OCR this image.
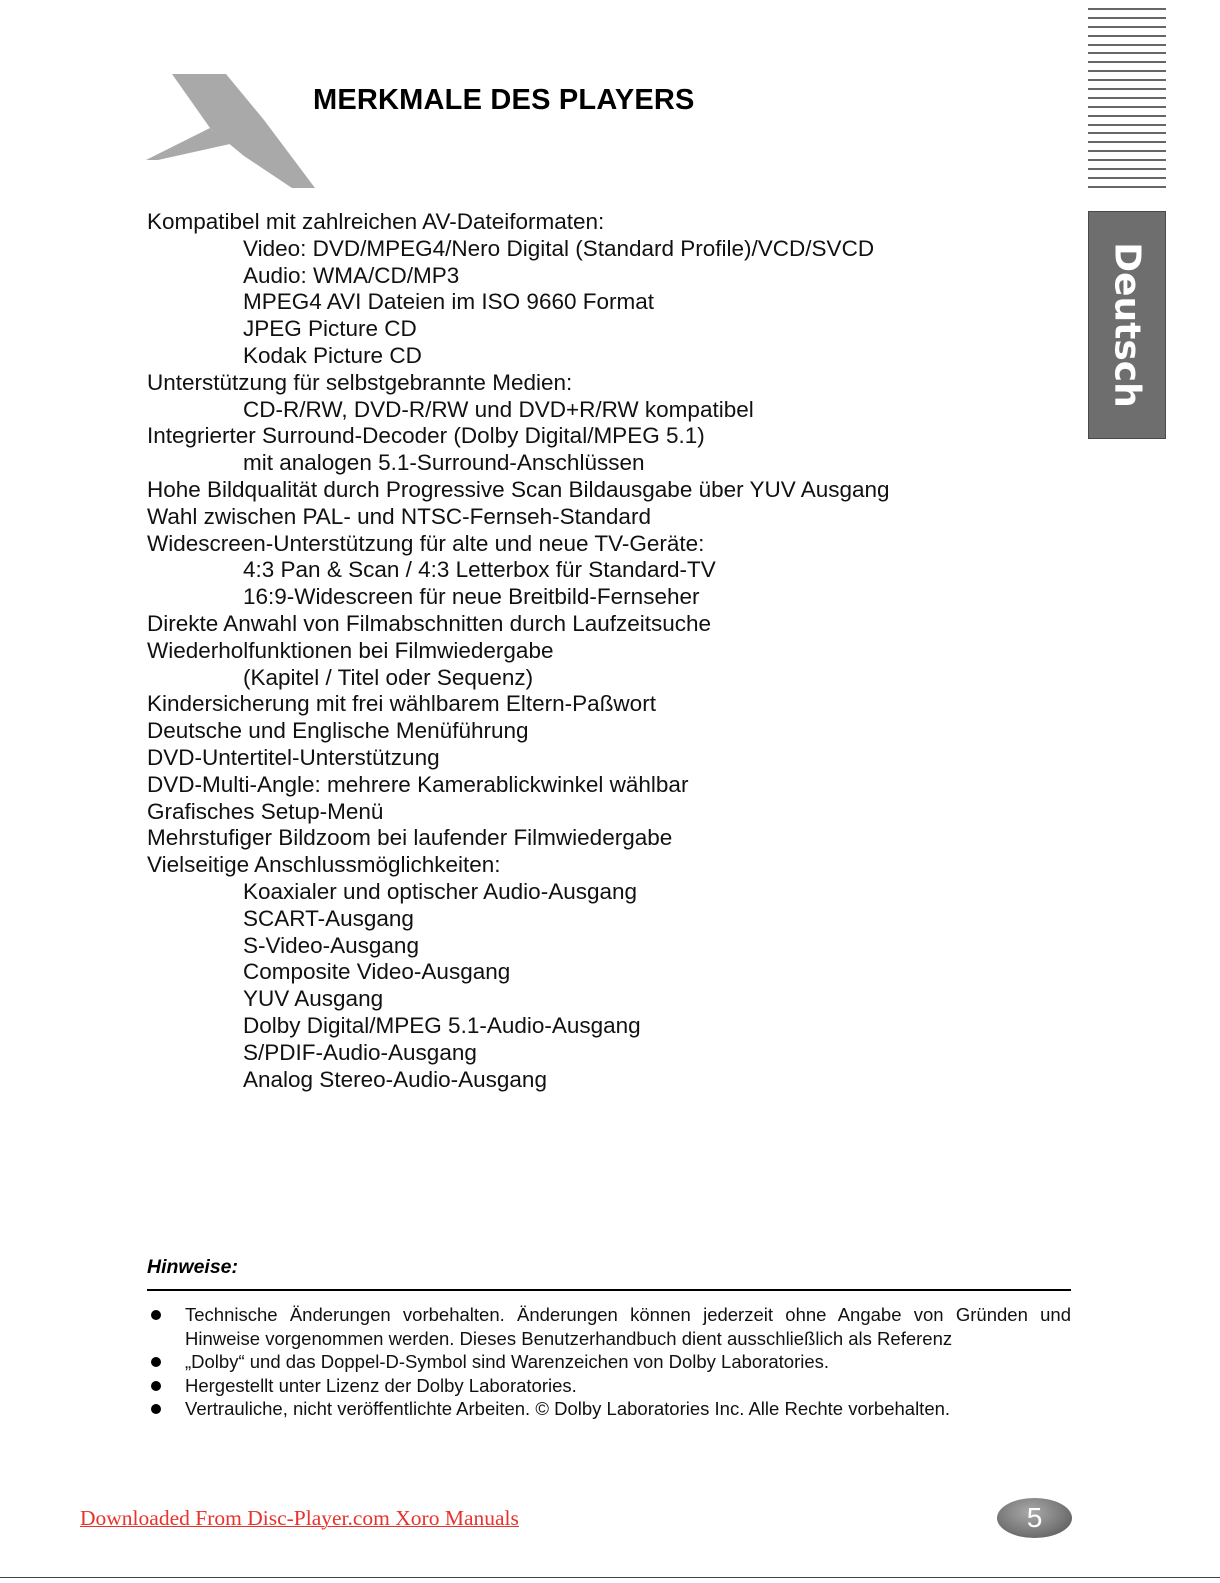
MERKMALE DES PLAYERS
Deutsch
Kompatibel mit zahlreichen AV-Dateiformaten:
Video: DVD/MPEG4/Nero Digital (Standard Profile)/VCD/SVCD
Audio: WMA/CD/MP3
MPEG4 AVI Dateien im ISO 9660 Format
JPEG Picture CD
Kodak Picture CD
Unterstützung für selbstgebrannte Medien:
CD-R/RW, DVD-R/RW und DVD+R/RW kompatibel
Integrierter Surround-Decoder (Dolby Digital/MPEG 5.1)
mit analogen 5.1-Surround-Anschlüssen
Hohe Bildqualität durch Progressive Scan Bildausgabe über YUV Ausgang
Wahl zwischen PAL- und NTSC-Fernseh-Standard
Widescreen-Unterstützung für alte und neue TV-Geräte:
4:3 Pan & Scan / 4:3 Letterbox für Standard-TV
16:9-Widescreen für neue Breitbild-Fernseher
Direkte Anwahl von Filmabschnitten durch Laufzeitsuche
Wiederholfunktionen bei Filmwiedergabe
(Kapitel / Titel oder Sequenz)
Kindersicherung mit frei wählbarem Eltern-Paßwort
Deutsche und Englische Menüführung
DVD-Untertitel-Unterstützung
DVD-Multi-Angle: mehrere Kamerablickwinkel wählbar
Grafisches Setup-Menü
Mehrstufiger Bildzoom bei laufender Filmwiedergabe
Vielseitige Anschlussmöglichkeiten:
Koaxialer und optischer Audio-Ausgang
SCART-Ausgang
S-Video-Ausgang
Composite Video-Ausgang
YUV Ausgang
Dolby Digital/MPEG 5.1-Audio-Ausgang
S/PDIF-Audio-Ausgang
Analog Stereo-Audio-Ausgang
Hinweise:
Technische Änderungen vorbehalten. Änderungen können jederzeit ohne Angabe von Gründen und Hinweise vorgenommen werden. Dieses Benutzerhandbuch dient ausschließlich als Referenz
„Dolby“ und das Doppel-D-Symbol sind Warenzeichen von Dolby Laboratories.
Hergestellt unter Lizenz der Dolby Laboratories.
Vertrauliche, nicht veröffentlichte Arbeiten. © Dolby Laboratories Inc. Alle Rechte vorbehalten.
Downloaded From Disc-Player.com Xoro Manuals	5
